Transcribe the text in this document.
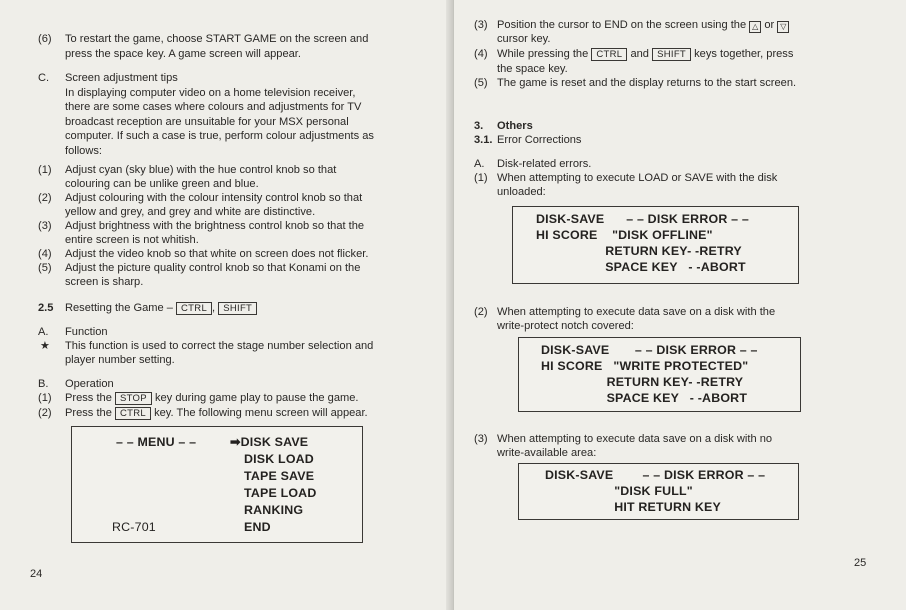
(6) To restart the game, choose START GAME on the screen and
press the space key. A game screen will appear.
C. Screen adjustment tips
In displaying computer video on a home television receiver,
there are some cases where colours and adjustments for TV
broadcast reception are unsuitable for your MSX personal
computer. If such a case is true, perform colour adjustments as
follows:
(1) Adjust cyan (sky blue) with the hue control knob so that
colouring can be unlike green and blue.
(2) Adjust colouring with the colour intensity control knob so that
yellow and grey, and grey and white are distinctive.
(3) Adjust brightness with the brightness control knob so that the
entire screen is not whitish.
(4) Adjust the video knob so that white on screen does not flicker.
(5) Adjust the picture quality control knob so that Konami on the
screen is sharp.
2.5 Resetting the Game – CTRL , SHIFT
A. Function
★ This function is used to correct the stage number selection and
player number setting.
B. Operation
(1) Press the STOP key during game play to pause the game.
(2) Press the CTRL key. The following menu screen will appear.
– – MENU – –	➡DISK SAVE
DISK LOAD
TAPE SAVE
TAPE LOAD
RANKING
RC-701	END
24
(3) Position the cursor to END on the screen using the △ or ▽
cursor key.
(4) While pressing the CTRL and SHIFT keys together, press
the space key.
(5) The game is reset and the display returns to the start screen.
3. Others
3.1. Error Corrections
A. Disk-related errors.
(1) When attempting to execute LOAD or SAVE with the disk
unloaded:
DISK-SAVE      – – DISK ERROR – –
HI SCORE    "DISK OFFLINE"
RETURN KEY- -RETRY
SPACE KEY   - -ABORT
(2) When attempting to execute data save on a disk with the
write-protect notch covered:
DISK-SAVE       – – DISK ERROR – –
HI SCORE   "WRITE PROTECTED"
RETURN KEY- -RETRY
SPACE KEY   - -ABORT
(3) When attempting to execute data save on a disk with no
write-available area:
DISK-SAVE        – – DISK ERROR – –
"DISK FULL"
HIT RETURN KEY
25
